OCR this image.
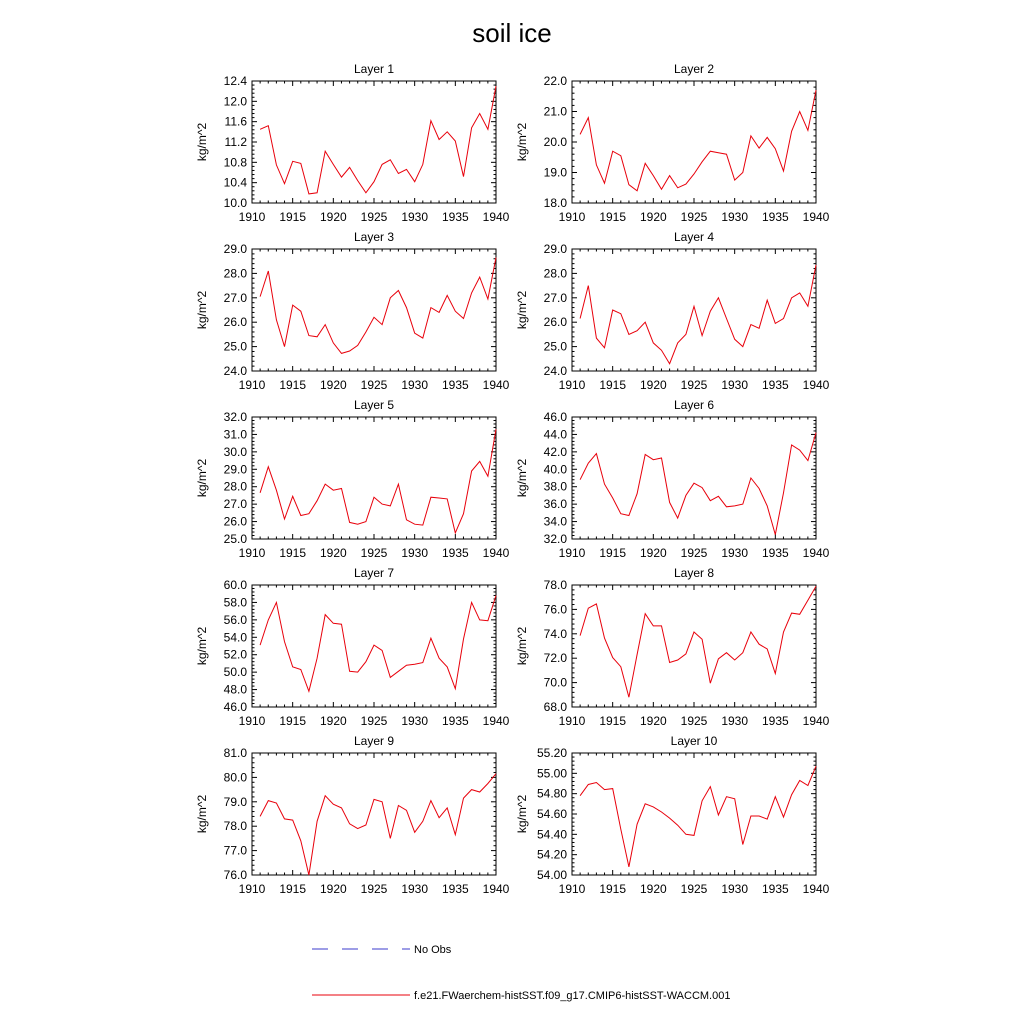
soil ice
1910 1915 1920 1925 1930 1935 1940
10.0
10.4
10.8
11.2
11.6
12.0
12.4
Layer 1
kg/m^2
1910 1915 1920 1925 1930 1935 1940
18.0
19.0
20.0
21.0
22.0
Layer 2
kg/m^2
1910 1915 1920 1925 1930 1935 1940
24.0
25.0
26.0
27.0
28.0
29.0
Layer 3
kg/m^2
1910 1915 1920 1925 1930 1935 1940
24.0
25.0
26.0
27.0
28.0
29.0
Layer 4
kg/m^2
1910 1915 1920 1925 1930 1935 1940
25.0
26.0
27.0
28.0
29.0
30.0
31.0
32.0
Layer 5
kg/m^2
1910 1915 1920 1925 1930 1935 1940
32.0
34.0
36.0
38.0
40.0
42.0
44.0
46.0
Layer 6
kg/m^2
1910 1915 1920 1925 1930 1935 1940
46.0
48.0
50.0
52.0
54.0
56.0
58.0
60.0
Layer 7
kg/m^2
1910 1915 1920 1925 1930 1935 1940
68.0
70.0
72.0
74.0
76.0
78.0
Layer 8
kg/m^2
1910 1915 1920 1925 1930 1935 1940
76.0
77.0
78.0
79.0
80.0
81.0
Layer 9
kg/m^2
1910 1915 1920 1925 1930 1935 1940
54.00
54.20
54.40
54.60
54.80
55.00
55.20
Layer 10
kg/m^2
No Obs
f.e21.FWaerchem-histSST.f09_g17.CMIP6-histSST-WACCM.001
